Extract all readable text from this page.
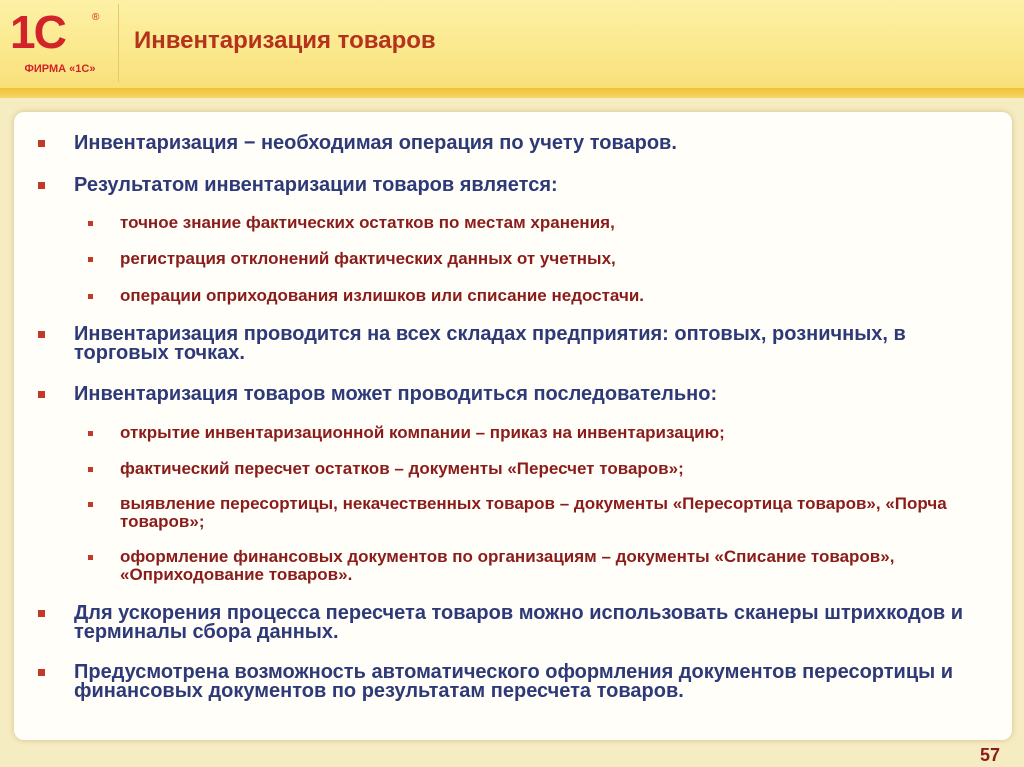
1С	®
ФИРМА «1С»
Инвентаризация товаров
Инвентаризация − необходимая операция по учету товаров.
Результатом инвентаризации товаров является:
точное знание фактических остатков по местам хранения,
регистрация отклонений фактических данных от учетных,
операции оприходования излишков или списание недостачи.
Инвентаризация проводится на всех складах предприятия: оптовых, розничных, в торговых точках.
Инвентаризация товаров может проводиться последовательно:
открытие инвентаризационной компании – приказ на инвентаризацию;
фактический пересчет остатков – документы «Пересчет товаров»;
выявление пересортицы, некачественных товаров – документы «Пересортица товаров», «Порча товаров»;
оформление финансовых документов по организациям – документы «Списание товаров», «Оприходование товаров».
Для ускорения процесса пересчета товаров можно использовать сканеры штрихкодов и терминалы сбора данных.
Предусмотрена возможность автоматического оформления документов пересортицы и финансовых документов по результатам пересчета товаров.
57
